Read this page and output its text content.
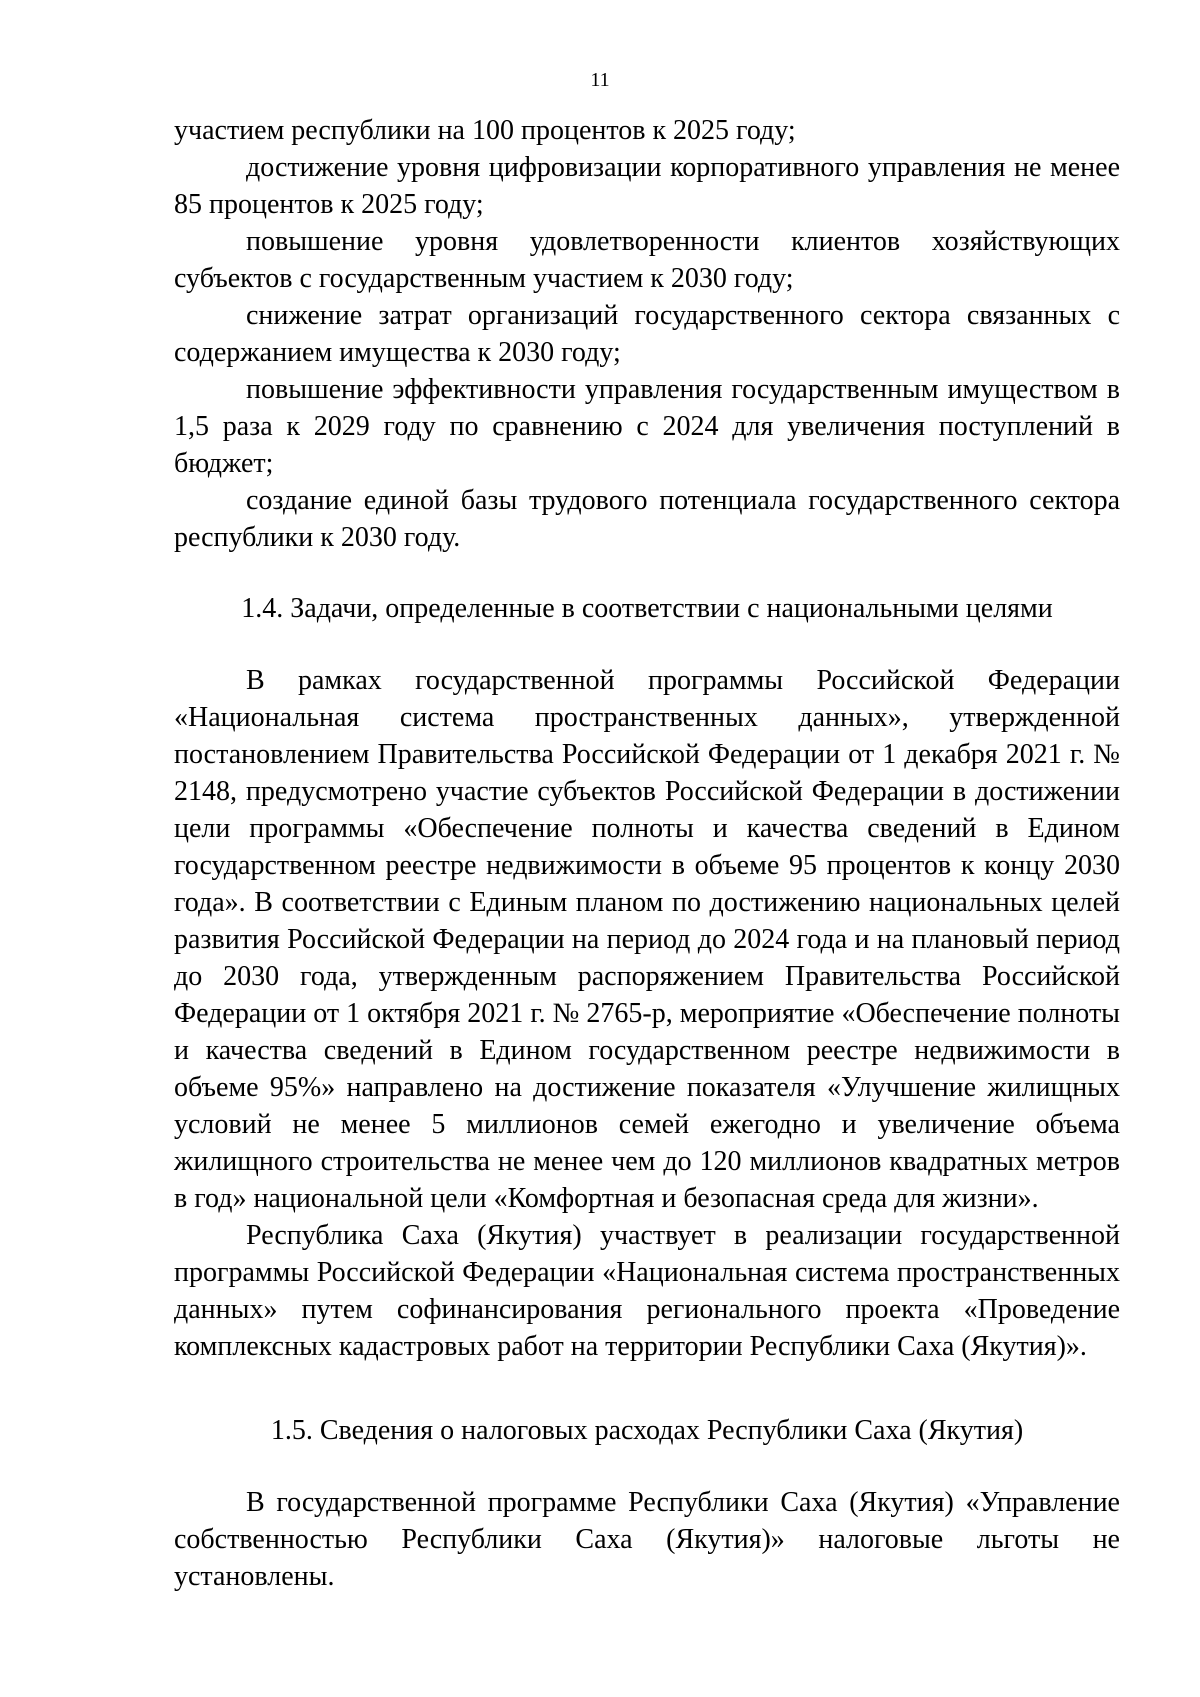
11

участием республики на 100 процентов к 2025 году;

достижение уровня цифровизации корпоративного управления не менее 85 процентов к 2025 году;

повышение уровня удовлетворенности клиентов хозяйствующих субъектов с государственным участием к 2030 году;

снижение затрат организаций государственного сектора связанных с содержанием имущества к 2030 году;

повышение эффективности управления государственным имуществом в 1,5 раза к 2029 году по сравнению с 2024 для увеличения поступлений в бюджет;

создание единой базы трудового потенциала государственного сектора республики к 2030 году.

1.4. Задачи, определенные в соответствии с национальными целями

В рамках государственной программы Российской Федерации «Национальная система пространственных данных», утвержденной постановлением Правительства Российской Федерации от 1 декабря 2021 г. № 2148, предусмотрено участие субъектов Российской Федерации в достижении цели программы «Обеспечение полноты и качества сведений в Едином государственном реестре недвижимости в объеме 95 процентов к концу 2030 года». В соответствии с Единым планом по достижению национальных целей развития Российской Федерации на период до 2024 года и на плановый период до 2030 года, утвержденным распоряжением Правительства Российской Федерации от 1 октября 2021 г. № 2765-р, мероприятие «Обеспечение полноты и качества сведений в Едином государственном реестре недвижимости в объеме 95%» направлено на достижение показателя «Улучшение жилищных условий не менее 5 миллионов семей ежегодно и увеличение объема жилищного строительства не менее чем до 120 миллионов квадратных метров в год» национальной цели «Комфортная и безопасная среда для жизни».

Республика Саха (Якутия) участвует в реализации государственной программы Российской Федерации «Национальная система пространственных данных» путем софинансирования регионального проекта «Проведение комплексных кадастровых работ на территории Республики Саха (Якутия)».

1.5. Сведения о налоговых расходах Республики Саха (Якутия)

В государственной программе Республики Саха (Якутия) «Управление собственностью Республики Саха (Якутия)» налоговые льготы не установлены.
